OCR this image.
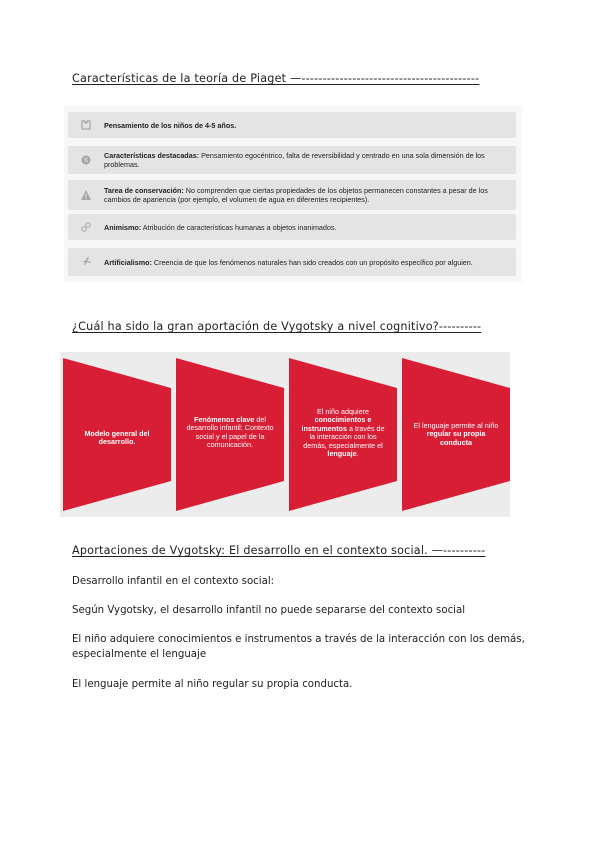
Características de la teoría de Piaget —------------------------------------------
Pensamiento de los niños de 4-5 años.
Características destacadas: Pensamiento egocéntrico, falta de reversibilidad y centrado en una sola dimensión de los problemas.
Tarea de conservación: No comprenden que ciertas propiedades de los objetos permanecen constantes a pesar de los cambios de apariencia (por ejemplo, el volumen de agua en diferentes recipientes).
Animismo: Atribución de características humanas a objetos inanimados.
Artificialismo: Creencia de que los fenómenos naturales han sido creados con un propósito específico por alguien.
¿Cuál ha sido la gran aportación de Vygotsky a nivel cognitivo?----------
Modelo general del desarrollo.
Fenómenos clave del desarrollo infantil: Contexto social y el papel de la comunicación.
El niño adquiere conocimientos e instrumentos a través de la interacción con los demás, especialmente el lenguaje.
El lenguaje permite al niño regular su propia conducta
Aportaciones de Vygotsky: El desarrollo en el contexto social. —----------
Desarrollo infantil en el contexto social:
Según Vygotsky, el desarrollo infantil no puede separarse del contexto social
El niño adquiere conocimientos e instrumentos a través de la interacción con los demás, especialmente el lenguaje
El lenguaje permite al niño regular su propia conducta.
